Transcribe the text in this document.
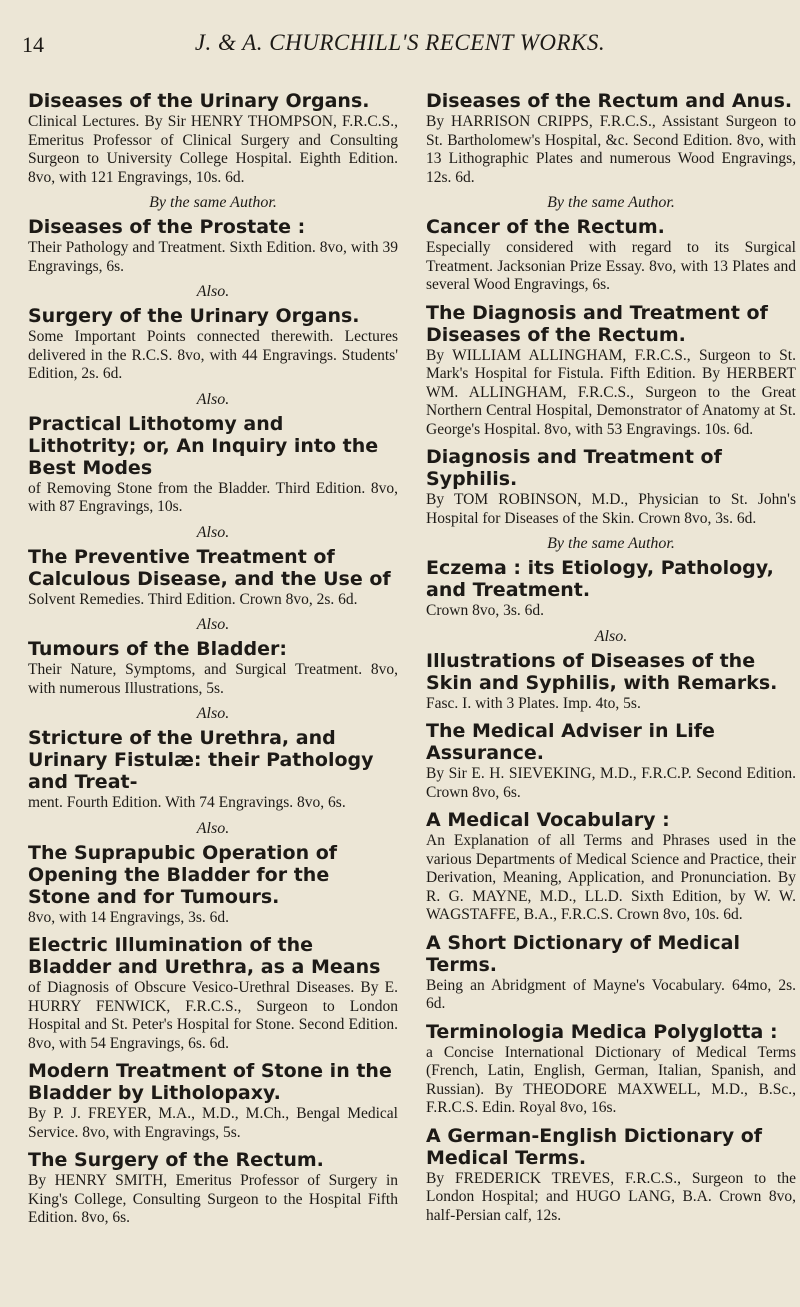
14	J. & A. CHURCHILL'S RECENT WORKS.
Diseases of the Urinary Organs.
Clinical Lectures. By Sir HENRY THOMPSON, F.R.C.S., Emeritus Professor of Clinical Surgery and Consulting Surgeon to University College Hospital. Eighth Edition. 8vo, with 121 Engravings, 10s. 6d.
By the same Author.
Diseases of the Prostate :
Their Pathology and Treatment. Sixth Edition. 8vo, with 39 Engravings, 6s.
Also.
Surgery of the Urinary Organs.
Some Important Points connected therewith. Lectures delivered in the R.C.S. 8vo, with 44 Engravings. Students' Edition, 2s. 6d.
Also.
Practical Lithotomy and Lithotrity; or, An Inquiry into the Best Modes
of Removing Stone from the Bladder. Third Edition. 8vo, with 87 Engravings, 10s.
Also.
The Preventive Treatment of Calculous Disease, and the Use of
Solvent Remedies. Third Edition. Crown 8vo, 2s. 6d.
Also.
Tumours of the Bladder:
Their Nature, Symptoms, and Surgical Treatment. 8vo, with numerous Illustrations, 5s.
Also.
Stricture of the Urethra, and Urinary Fistulæ: their Pathology and Treat-
ment. Fourth Edition. With 74 Engravings. 8vo, 6s.
Also.
The Suprapubic Operation of Opening the Bladder for the Stone and for Tumours.
8vo, with 14 Engravings, 3s. 6d.
Electric Illumination of the Bladder and Urethra, as a Means
of Diagnosis of Obscure Vesico-Urethral Diseases. By E. HURRY FENWICK, F.R.C.S., Surgeon to London Hospital and St. Peter's Hospital for Stone. Second Edition. 8vo, with 54 Engravings, 6s. 6d.
Modern Treatment of Stone in the Bladder by Litholopaxy.
By P. J. FREYER, M.A., M.D., M.Ch., Bengal Medical Service. 8vo, with Engravings, 5s.
The Surgery of the Rectum.
By HENRY SMITH, Emeritus Professor of Surgery in King's College, Consulting Surgeon to the Hospital Fifth Edition. 8vo, 6s.
Diseases of the Rectum and Anus.
By HARRISON CRIPPS, F.R.C.S., Assistant Surgeon to St. Bartholomew's Hospital, &c. Second Edition. 8vo, with 13 Lithographic Plates and numerous Wood Engravings, 12s. 6d.
By the same Author.
Cancer of the Rectum.
Especially considered with regard to its Surgical Treatment. Jacksonian Prize Essay. 8vo, with 13 Plates and several Wood Engravings, 6s.
The Diagnosis and Treatment of Diseases of the Rectum.
By WILLIAM ALLINGHAM, F.R.C.S., Surgeon to St. Mark's Hospital for Fistula. Fifth Edition. By HERBERT WM. ALLINGHAM, F.R.C.S., Surgeon to the Great Northern Central Hospital, Demonstrator of Anatomy at St. George's Hospital. 8vo, with 53 Engravings. 10s. 6d.
Diagnosis and Treatment of Syphilis.
By TOM ROBINSON, M.D., Physician to St. John's Hospital for Diseases of the Skin. Crown 8vo, 3s. 6d.
By the same Author.
Eczema : its Etiology, Pathology, and Treatment.
Crown 8vo, 3s. 6d.
Also.
Illustrations of Diseases of the Skin and Syphilis, with Remarks.
Fasc. I. with 3 Plates. Imp. 4to, 5s.
The Medical Adviser in Life Assurance.
By Sir E. H. SIEVEKING, M.D., F.R.C.P. Second Edition. Crown 8vo, 6s.
A Medical Vocabulary :
An Explanation of all Terms and Phrases used in the various Departments of Medical Science and Practice, their Derivation, Meaning, Application, and Pronunciation. By R. G. MAYNE, M.D., LL.D. Sixth Edition, by W. W. WAGSTAFFE, B.A., F.R.C.S. Crown 8vo, 10s. 6d.
A Short Dictionary of Medical Terms.
Being an Abridgment of Mayne's Vocabulary. 64mo, 2s. 6d.
Terminologia Medica Polyglotta :
a Concise International Dictionary of Medical Terms (French, Latin, English, German, Italian, Spanish, and Russian). By THEODORE MAXWELL, M.D., B.Sc., F.R.C.S. Edin. Royal 8vo, 16s.
A German-English Dictionary of Medical Terms.
By FREDERICK TREVES, F.R.C.S., Surgeon to the London Hospital; and HUGO LANG, B.A. Crown 8vo, half-Persian calf, 12s.
